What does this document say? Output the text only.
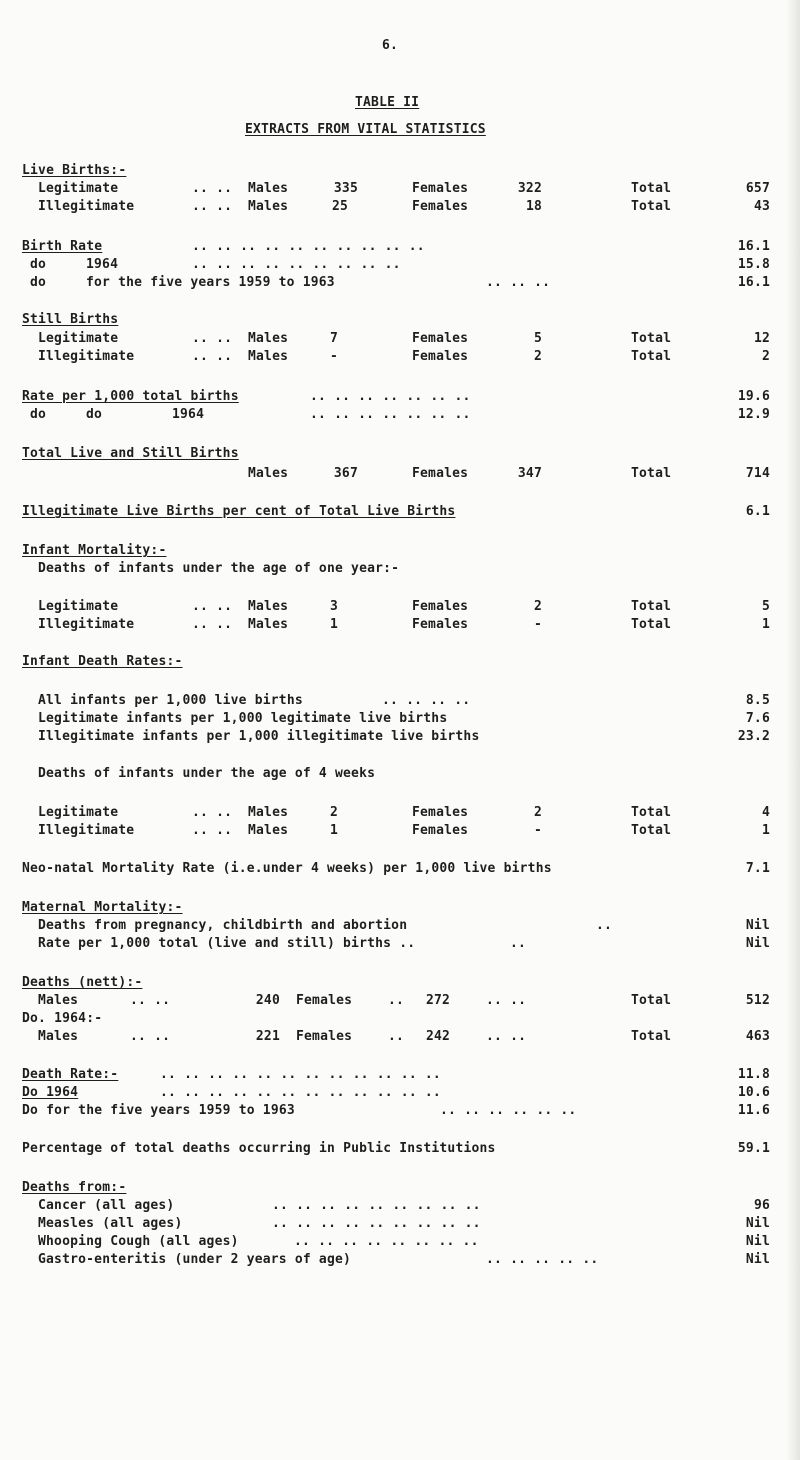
6.
TABLE II
EXTRACTS FROM VITAL STATISTICS
Live Births:-
Legitimate	.. .. Males	335	Females	322	Total	657
Illegitimate	.. .. Males	25	Females	18	Total	43
Birth Rate	.. .. .. .. .. .. .. .. .. ..	16.1
do	1964	.. .. .. .. .. .. .. .. ..	15.8
do	for the five years 1959 to 1963	.. .. ..	16.1
Still Births
Legitimate	.. .. Males	7	Females	5	Total	12
Illegitimate	.. .. Males	-	Females	2	Total	2
Rate per 1,000 total births	.. .. .. .. .. .. ..	19.6
do	do	1964	.. .. .. .. .. .. ..	12.9
Total Live and Still Births
Males	367	Females	347	Total	714
Illegitimate Live Births per cent of Total Live Births	6.1
Infant Mortality:-
Deaths of infants under the age of one year:-
Legitimate	.. .. Males	3	Females	2	Total	5
Illegitimate	.. .. Males	1	Females	-	Total	1
Infant Death Rates:-
All infants per 1,000 live births	.. .. .. ..	8.5
Legitimate infants per 1,000 legitimate live births	7.6
Illegitimate infants per 1,000 illegitimate live births	23.2
Deaths of infants under the age of 4 weeks
Legitimate	.. .. Males	2	Females	2	Total	4
Illegitimate	.. .. Males	1	Females	-	Total	1
Neo-natal Mortality Rate (i.e.under 4 weeks) per 1,000 live births	7.1
Maternal Mortality:-
Deaths from pregnancy, childbirth and abortion	..	Nil
Rate per 1,000 total (live and still) births ..	..	Nil
Deaths (nett):-
Males	.. ..	240 Females	.. 272	.. ..	Total	512
Do. 1964:-
Males	.. ..	221 Females	.. 242	.. ..	Total	463
Death Rate:-	.. .. .. .. .. .. .. .. .. .. .. ..	11.8
Do 1964	.. .. .. .. .. .. .. .. .. .. .. ..	10.6
Do for the five years 1959 to 1963	.. .. .. .. .. ..	11.6
Percentage of total deaths occurring in Public Institutions	59.1
Deaths from:-
Cancer (all ages)	.. .. .. .. .. .. .. .. ..	96
Measles (all ages)	.. .. .. .. .. .. .. .. ..	Nil
Whooping Cough (all ages)	.. .. .. .. .. .. .. ..	Nil
Gastro-enteritis (under 2 years of age)	.. .. .. .. ..	Nil
